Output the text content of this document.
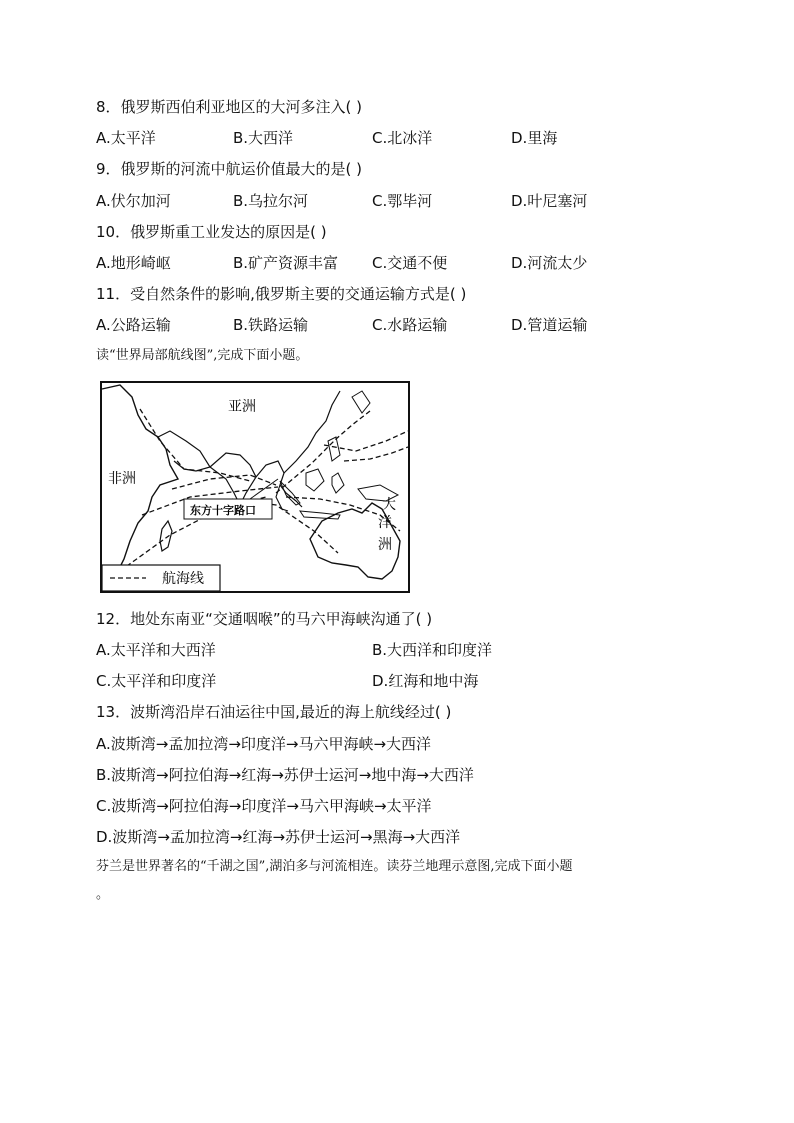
8．俄罗斯西伯利亚地区的大河多注入( )
A.太平洋	B.大西洋	C.北冰洋	D.里海
9．俄罗斯的河流中航运价值最大的是( )
A.伏尔加河	B.乌拉尔河	C.鄂毕河	D.叶尼塞河
10．俄罗斯重工业发达的原因是( )
A.地形崎岖	B.矿产资源丰富 C.交通不便	D.河流太少
11．受自然条件的影响,俄罗斯主要的交通运输方式是( )
A.公路运输	B.铁路运输	C.水路运输	D.管道运输
读“世界局部航线图”,完成下面小题。
亚洲
非洲
大
洋
洲
东方十字路口
航海线
12．地处东南亚“交通咽喉”的马六甲海峡沟通了( )
A.太平洋和大西洋	B.大西洋和印度洋
C.太平洋和印度洋	D.红海和地中海
13．波斯湾沿岸石油运往中国,最近的海上航线经过( )
A.波斯湾→孟加拉湾→印度洋→马六甲海峡→大西洋
B.波斯湾→阿拉伯海→红海→苏伊士运河→地中海→大西洋
C.波斯湾→阿拉伯海→印度洋→马六甲海峡→太平洋
D.波斯湾→孟加拉湾→红海→苏伊士运河→黑海→大西洋
芬兰是世界著名的“千湖之国”,湖泊多与河流相连。读芬兰地理示意图,完成下面小题
。
